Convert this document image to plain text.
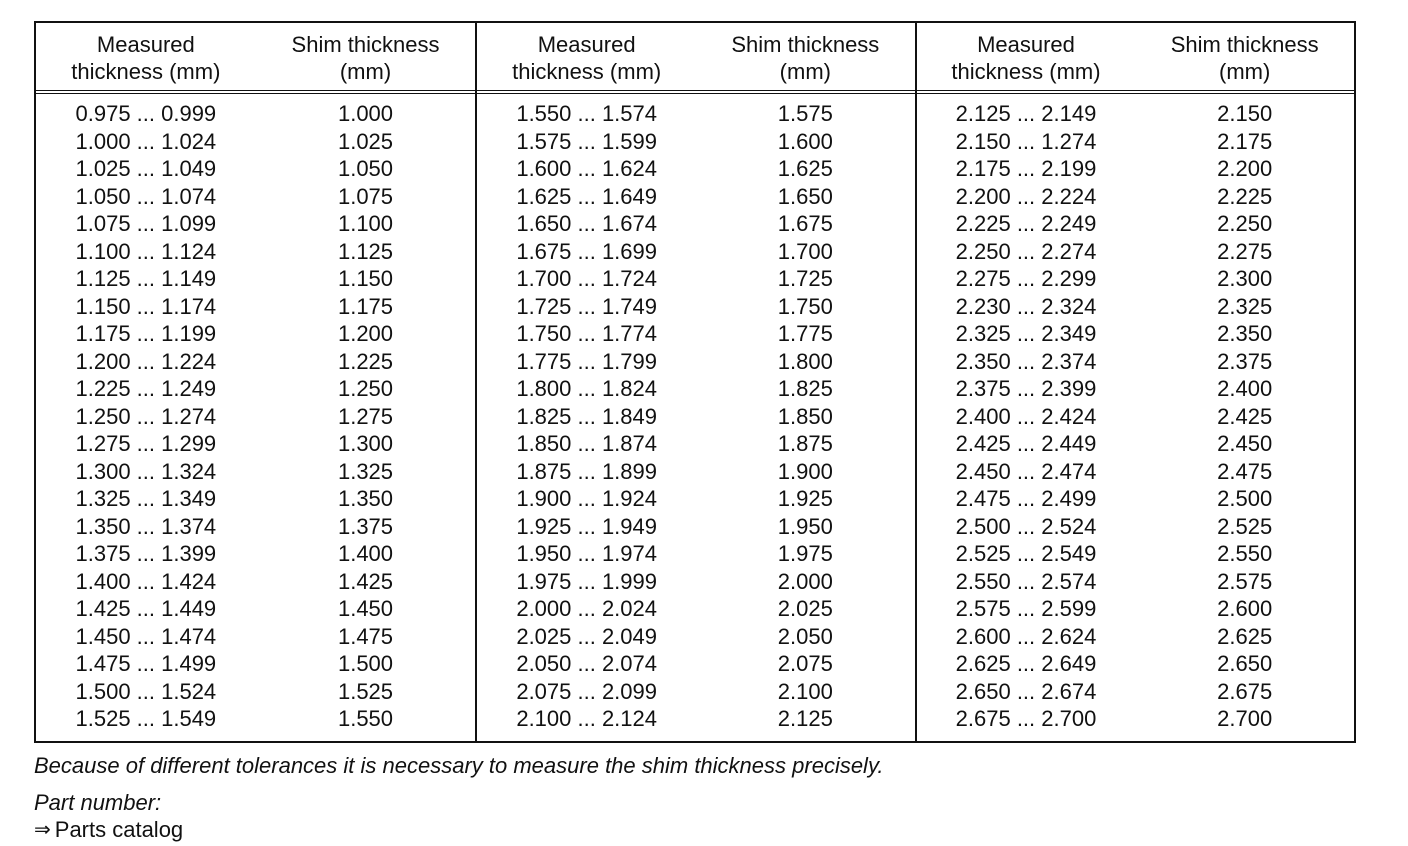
Measured
thickness (mm)
Shim thickness
(mm)
0.975 ... 0.999	1.000
1.000 ... 1.024	1.025
1.025 ... 1.049	1.050
1.050 ... 1.074	1.075
1.075 ... 1.099	1.100
1.100 ... 1.124	1.125
1.125 ... 1.149	1.150
1.150 ... 1.174	1.175
1.175 ... 1.199	1.200
1.200 ... 1.224	1.225
1.225 ... 1.249	1.250
1.250 ... 1.274	1.275
1.275 ... 1.299	1.300
1.300 ... 1.324	1.325
1.325 ... 1.349	1.350
1.350 ... 1.374	1.375
1.375 ... 1.399	1.400
1.400 ... 1.424	1.425
1.425 ... 1.449	1.450
1.450 ... 1.474	1.475
1.475 ... 1.499	1.500
1.500 ... 1.524	1.525
1.525 ... 1.549	1.550
Measured
thickness (mm)
Shim thickness
(mm)
1.550 ... 1.574	1.575
1.575 ... 1.599	1.600
1.600 ... 1.624	1.625
1.625 ... 1.649	1.650
1.650 ... 1.674	1.675
1.675 ... 1.699	1.700
1.700 ... 1.724	1.725
1.725 ... 1.749	1.750
1.750 ... 1.774	1.775
1.775 ... 1.799	1.800
1.800 ... 1.824	1.825
1.825 ... 1.849	1.850
1.850 ... 1.874	1.875
1.875 ... 1.899	1.900
1.900 ... 1.924	1.925
1.925 ... 1.949	1.950
1.950 ... 1.974	1.975
1.975 ... 1.999	2.000
2.000 ... 2.024	2.025
2.025 ... 2.049	2.050
2.050 ... 2.074	2.075
2.075 ... 2.099	2.100
2.100 ... 2.124	2.125
Measured
thickness (mm)
Shim thickness
(mm)
2.125 ... 2.149	2.150
2.150 ... 1.274	2.175
2.175 ... 2.199	2.200
2.200 ... 2.224	2.225
2.225 ... 2.249	2.250
2.250 ... 2.274	2.275
2.275 ... 2.299	2.300
2.230 ... 2.324	2.325
2.325 ... 2.349	2.350
2.350 ... 2.374	2.375
2.375 ... 2.399	2.400
2.400 ... 2.424	2.425
2.425 ... 2.449	2.450
2.450 ... 2.474	2.475
2.475 ... 2.499	2.500
2.500 ... 2.524	2.525
2.525 ... 2.549	2.550
2.550 ... 2.574	2.575
2.575 ... 2.599	2.600
2.600 ... 2.624	2.625
2.625 ... 2.649	2.650
2.650 ... 2.674	2.675
2.675 ... 2.700	2.700
Because of different tolerances it is necessary to measure the shim thickness precisely.
Part number:
⇒ Parts catalog
